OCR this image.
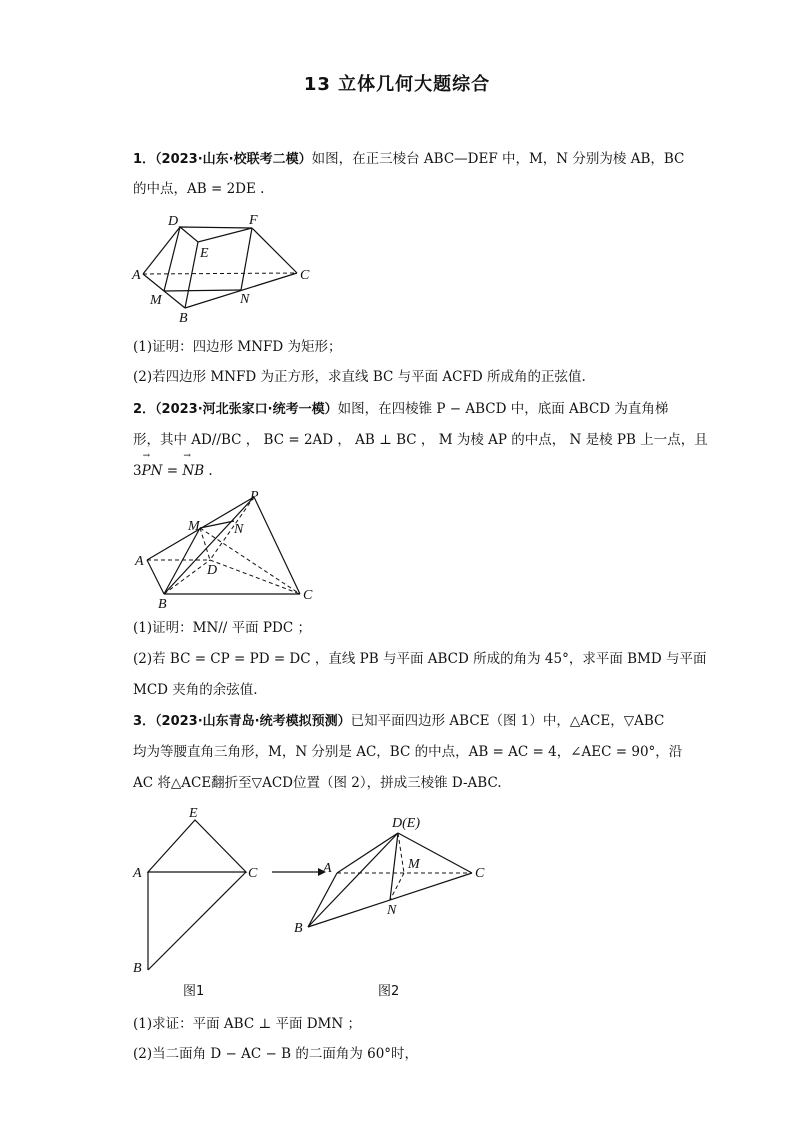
13 立体几何大题综合
1．（2023·山东·校联考二模）如图，在正三棱台 ABC—DEF 中，M，N 分别为棱 AB，BC
的中点，AB = 2DE .
D	F
E
A	C
M	N
B
(1)证明：四边形 MNFD 为矩形；
(2)若四边形 MNFD 为正方形，求直线 BC 与平面 ACFD 所成角的正弦值.
2．（2023·河北张家口·统考一模）如图，在四棱锥 P − ABCD 中，底面 ABCD 为直角梯
形，其中 AD//BC ， BC = 2AD ， AB ⊥ BC ， M 为棱 AP 的中点， N 是棱 PB 上一点，且
3→ PN = → NB .
P
M N
A
D
B
C
(1)证明：MN// 平面 PDC ；
(2)若 BC = CP = PD = DC ，直线 PB 与平面 ABCD 所成的角为 45°，求平面 BMD 与平面
MCD 夹角的余弦值.
3．（2023·山东青岛·统考模拟预测）已知平面四边形 ABCE（图 1）中，△ACE，▽ABC
均为等腰直角三角形，M，N 分别是 AC，BC 的中点，AB = AC = 4，∠AEC = 90°，沿
AC 将△ACE翻折至▽ACD位置（图 2），拼成三棱锥 D-ABC.
E
A	C
B
图1
D(E)
A	M
C
N
B
图2
(1)求证：平面 ABC ⊥ 平面 DMN ；
(2)当二面角 D − AC − B 的二面角为 60°时，
